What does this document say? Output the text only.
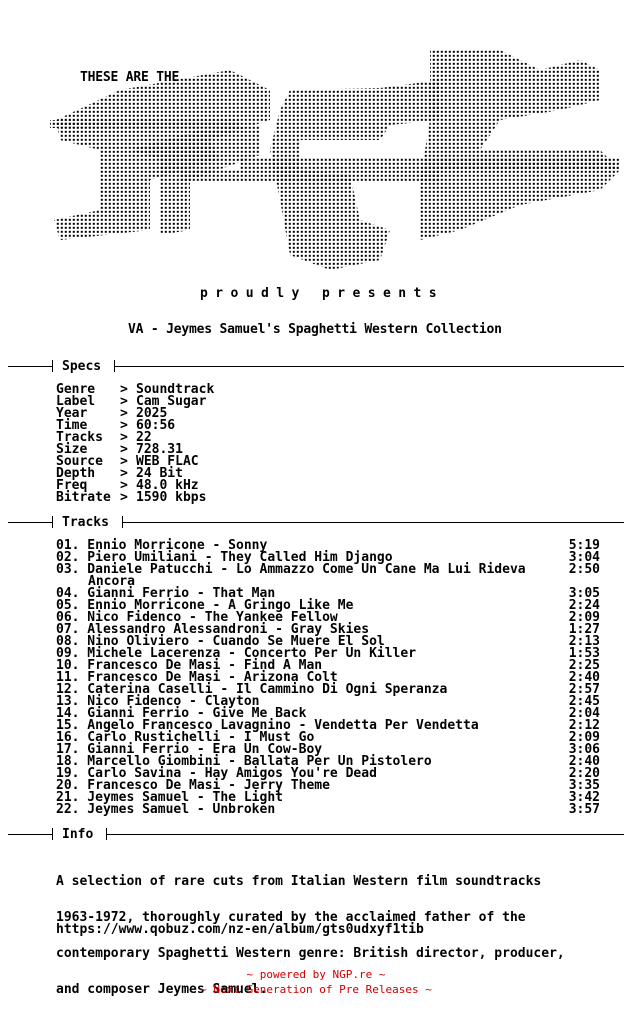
THESE ARE THE
p r o u d l y   p r e s e n t s
VA - Jeymes Samuel's Spaghetti Western Collection
Specs
Genre	> Soundtrack
Label	> Cam Sugar
Year	> 2025
Time	> 60:56
Tracks	> 22
Size	> 728.31
Source	> WEB FLAC
Depth	> 24 Bit
Freq	> 48.0 kHz
Bitrate > 1590 kbps
Tracks
01. Ennio Morricone - Sonny	5:19
02. Piero Umiliani - They Called Him Django	3:04
03. Daniele Patucchi - Lo Ammazzo Come Un Cane Ma Lui Rideva	2:50
Ancora
04. Gianni Ferrio - That Man	3:05
05. Ennio Morricone - A Gringo Like Me	2:24
06. Nico Fidenco - The Yankee Fellow	2:09
07. Alessandro Alessandroni - Gray Skies	1:27
08. Nino Oliviero - Cuando Se Muere El Sol	2:13
09. Michele Lacerenza - Concerto Per Un Killer	1:53
10. Francesco De Masi - Find A Man	2:25
11. Francesco De Masi - Arizona Colt	2:40
12. Caterina Caselli - Il Cammino Di Ogni Speranza	2:57
13. Nico Fidenco - Clayton	2:45
14. Gianni Ferrio - Give Me Back	2:04
15. Angelo Francesco Lavagnino - Vendetta Per Vendetta	2:12
16. Carlo Rustichelli - I Must Go	2:09
17. Gianni Ferrio - Era Un Cow-Boy	3:06
18. Marcello Giombini - Ballata Per Un Pistolero	2:40
19. Carlo Savina - Hay Amigos You're Dead	2:20
20. Francesco De Masi - Jerry Theme	3:35
21. Jeymes Samuel - The Light	3:42
22. Jeymes Samuel - Unbroken	3:57
Info

A selection of rare cuts from Italian Western film soundtracks

1963-1972, thoroughly curated by the acclaimed father of the

contemporary Spaghetti Western genre: British director, producer,

and composer Jeymes Samuel.

https://www.qobuz.com/nz-en/album/gts0udxyf1tib
~ powered by NGP.re ~
~ Next Generation of Pre Releases ~
